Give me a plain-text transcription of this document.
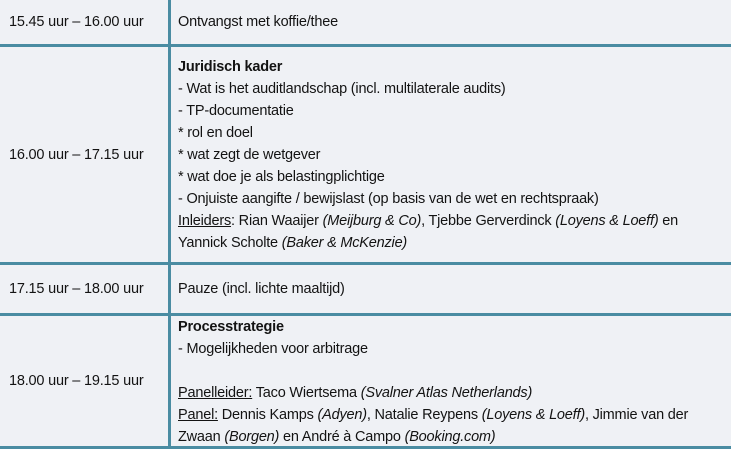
15.45 uur – 16.00 uur	Ontvangst met koffie/thee
16.00 uur – 17.15 uur
Juridisch kader
- Wat is het auditlandschap (incl. multilaterale audits)
- TP-documentatie
* rol en doel
* wat zegt de wetgever
* wat doe je als belastingplichtige
- Onjuiste aangifte / bewijslast (op basis van de wet en rechtspraak)
Inleiders: Rian Waaijer (Meijburg & Co), Tjebbe Gerverdinck (Loyens & Loeff) en Yannick Scholte (Baker & McKenzie)
17.15 uur – 18.00 uur	Pauze (incl. lichte maaltijd)
18.00 uur – 19.15 uur
Processtrategie
- Mogelijkheden voor arbitrage
Panelleider: Taco Wiertsema (Svalner Atlas Netherlands)
Panel: Dennis Kamps (Adyen), Natalie Reypens (Loyens & Loeff), Jimmie van der Zwaan (Borgen) en André à Campo (Booking.com)
